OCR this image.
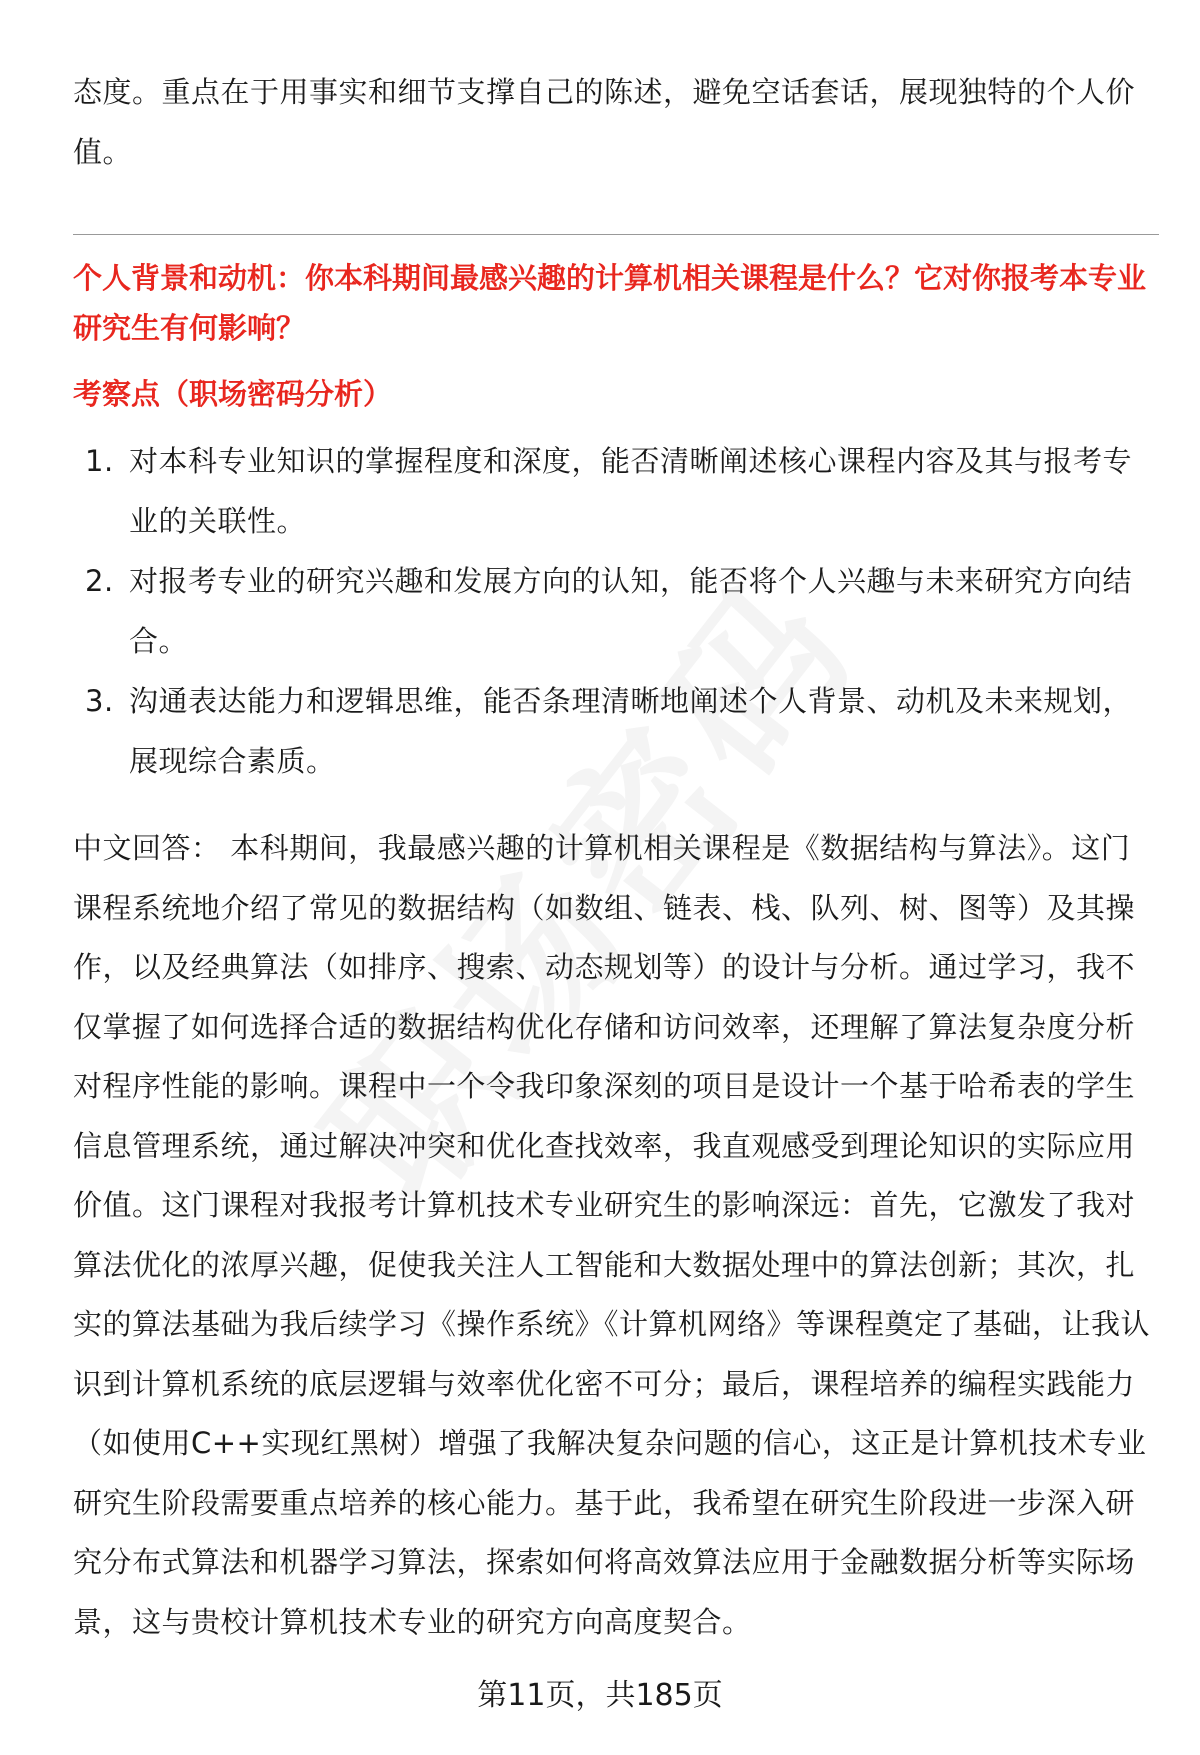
态度。重点在于用事实和细节支撑自己的陈述，避免空话套话，展现独特的个人价值。

个人背景和动机：你本科期间最感兴趣的计算机相关课程是什么？它对你报考本专业研究生有何影响？

考察点（职场密码分析）

1. 对本科专业知识的掌握程度和深度，能否清晰阐述核心课程内容及其与报考专业的关联性。
2. 对报考专业的研究兴趣和发展方向的认知，能否将个人兴趣与未来研究方向结合。
3. 沟通表达能力和逻辑思维，能否条理清晰地阐述个人背景、动机及未来规划，展现综合素质。

中文回答： 本科期间，我最感兴趣的计算机相关课程是《数据结构与算法》。这门课程系统地介绍了常见的数据结构（如数组、链表、栈、队列、树、图等）及其操作，以及经典算法（如排序、搜索、动态规划等）的设计与分析。通过学习，我不仅掌握了如何选择合适的数据结构优化存储和访问效率，还理解了算法复杂度分析对程序性能的影响。课程中一个令我印象深刻的项目是设计一个基于哈希表的学生信息管理系统，通过解决冲突和优化查找效率，我直观感受到理论知识的实际应用价值。这门课程对我报考计算机技术专业研究生的影响深远：首先，它激发了我对算法优化的浓厚兴趣，促使我关注人工智能和大数据处理中的算法创新；其次，扎实的算法基础为我后续学习《操作系统》《计算机网络》等课程奠定了基础，让我认识到计算机系统的底层逻辑与效率优化密不可分；最后，课程培养的编程实践能力（如使用C++实现红黑树）增强了我解决复杂问题的信心，这正是计算机技术专业研究生阶段需要重点培养的核心能力。基于此，我希望在研究生阶段进一步深入研究分布式算法和机器学习算法，探索如何将高效算法应用于金融数据分析等实际场景，这与贵校计算机技术专业的研究方向高度契合。

第11页，共185页
